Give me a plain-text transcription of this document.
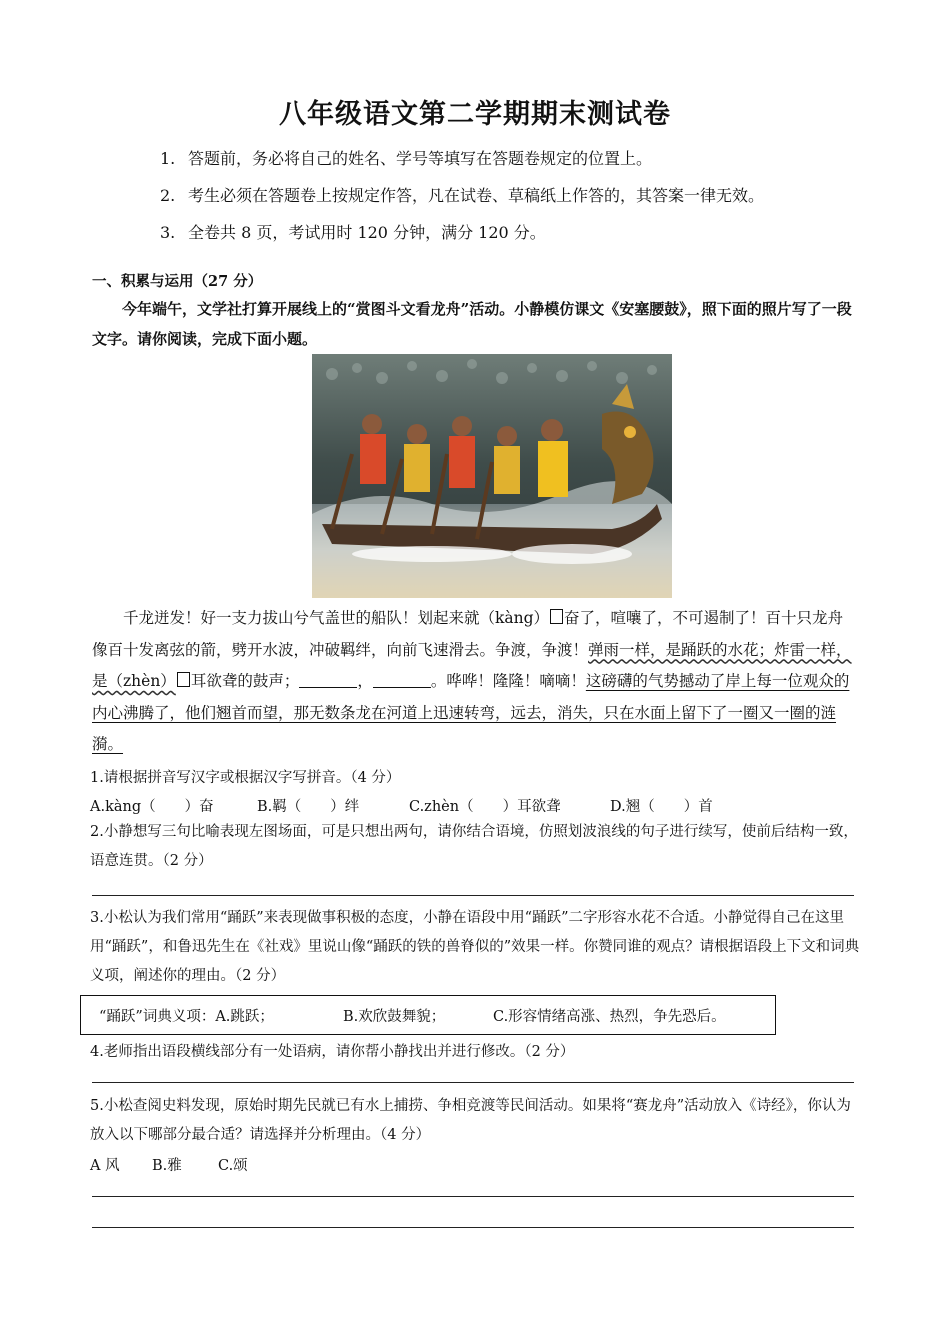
八年级语文第二学期期末测试卷
1. 答题前，务必将自己的姓名、学号等填写在答题卷规定的位置上。
2. 考生必须在答题卷上按规定作答，凡在试卷、草稿纸上作答的，其答案一律无效。
3. 全卷共 8 页，考试用时 120 分钟，满分 120 分。
一、积累与运用（27 分）
今年端午，文学社打算开展线上的“赏图斗文看龙舟”活动。小静模仿课文《安塞腰鼓》，照下面的照片写了一段文字。请你阅读，完成下面小题。
千龙迸发！好一支力拔山兮气盖世的船队！划起来就（kàng） 奋了，喧嚷了，不可遏制了！百十只龙舟像百十发离弦的箭，劈开水波，冲破羁绊，向前飞速滑去。争渡，争渡！弹雨一样，是踊跃的水花；炸雷一样，是（zhèn） 耳欲聋的鼓声；	，	。哗哗！隆隆！嘀嘀！这磅礴的气势撼动了岸上每一位观众的内心沸腾了，他们翘首而望，那无数条龙在河道上迅速转弯，远去，消失，只在水面上留下了一圈又一圈的涟漪。
1.请根据拼音写汉字或根据汉字写拼音。（4 分）
A.kàng（　　）奋	B.羁（　　）绊	C.zhèn（　　）耳欲聋	D.翘（　　）首
2.小静想写三句比喻表现左图场面，可是只想出两句，请你结合语境，仿照划波浪线的句子进行续写，使前后结构一致，语意连贯。（2 分）
3.小松认为我们常用“踊跃”来表现做事积极的态度，小静在语段中用“踊跃”二字形容水花不合适。小静觉得自己在这里用“踊跃”，和鲁迅先生在《社戏》里说山像“踊跃的铁的兽脊似的”效果一样。你赞同谁的观点？请根据语段上下文和词典义项，阐述你的理由。（2 分）
“踊跃”词典义项：A.跳跃；	B.欢欣鼓舞貌；	C.形容情绪高涨、热烈，争先恐后。
4.老师指出语段横线部分有一处语病，请你帮小静找出并进行修改。（2 分）
5.小松查阅史料发现，原始时期先民就已有水上捕捞、争相竞渡等民间活动。如果将“赛龙舟”活动放入《诗经》，你认为放入以下哪部分最合适？请选择并分析理由。（4 分）
A 风 B.雅 C.颂
